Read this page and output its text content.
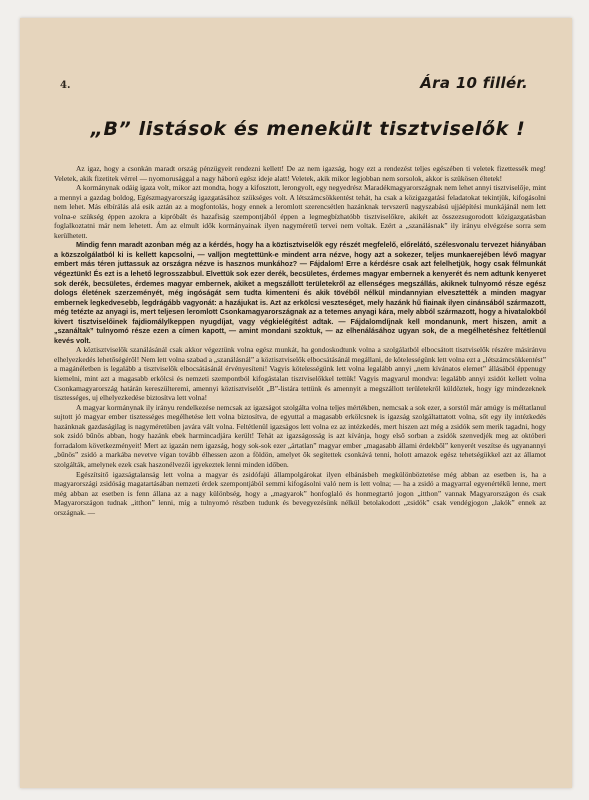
4.	Ára 10 fillér.
„B” listások és menekült tisztviselők !

Az igaz, hogy a csonkán maradt ország pénzügyeit rendezni kellett! De az nem igazság, hogy ezt a rendezést teljes egészében ti veletek fizettessék meg! Veletek, akik fizetitek vérrel — nyomorusággal a nagy háború egész ideje alatt! Veletek, akik mikor legjobban nem sorsolok, akkor is szükösen éltetek!

A kormánynak odáig igaza volt, mikor azt mondta, hogy a kifosztott, lerongyolt, egy negyedrész Maradékmagyarországnak nem lehet annyi tisztviselője, mint a mennyi a gazdag boldog, Egészmagyarország igazgatásához szükséges volt. A létszámcsökkentést tehát, ha csak a közigazgatási feladatokat tekintjük, kifogásolni nem lehet. Más elbírálás alá esik aztán az a mogfontolás, hogy ennek a leromlott szerencsétlen hazánknak tervszerű nagyszabású ujjáépítési munkájánál nem lett volna-e szükség éppen azokra a kipróbált és hazafiság szempontjából éppen a legmegbízhatóbb tisztviselőkre, akikét az összezsugorodott közigazgatásban foglalkoztatni már nem lehetett. Ám az elmult idők kormányainak ilyen nagyméretű tervei nem voltak. Ezért a „szanálásnak” ily irányu elvégzése sorra sem kerülhetett.

Mindig fenn maradt azonban még az a kérdés, hogy ha a köztisztviselők egy részét megfelelő, előrelátó, szélesvonalu tervezet hiányában a közszolgálatból ki is kellett kapcsolni, — valljon megtettünk-e mindent arra nézve, hogy azt a sokezer, teljes munkaerejében lévő magyar embert más téren juttassuk az országra nézve is hasznos munkához? — Fájdalom! Erre a kérdésre csak azt felelhetjük, hogy csak félmunkát végeztünk! És ezt is a lehető legrosszabbul. Elvettük sok ezer derék, becsületes, érdemes magyar embernek a kenyerét és nem adtunk kenyeret sok derék, becsületes, érdemes magyar embernek, akiket a megszállott területekről az ellenséges megszállás, akiknek tulnyomó része egész dologs életének szerzeményét, még ingóságát sem tudta kimenteni és akik tövéből nélkül mindannyian elvesztették a minden magyar embernek legkedvesebb, legdrágább vagyonát: a hazájukat is. Azt az erkölcsi veszteséget, mely hazánk hű fiainak ilyen cinánsából származott, még tetézte az anyagi is, mert teljesen leromlott Csonkamagyarországnak az a tetemes anyagi kára, mely abból származott, hogy a hivatalokból kivert tisztviselőinek fajdiomálylkeppen nyugdíjat, vagy végkielégítést adtak. — Fájdalomdíjnak kell mondanunk, mert hiszen, amit a „szanáltak” tulnyomó része ezen a címen kapott, — amint mondani szoktuk, — az elhenálásához ugyan sok, de a megélhetéshez feltétlenül kevés volt.

A köztisztviselők szanálásánál csak akkor végeztünk volna egész munkát, ha gondoskodtunk volna a szolgálatból elbocsátott tisztviselők részére másiránvu elhelyezkedés lehetőségéről! Nem lett volna szabad a „szanálásnál” a köztisztviselők elbocsátásánál megállani, de kötelességünk lett volna ezt a „létszámcsökkentést” a magánéletben is legalább a tisztviselők elbocsátásánál érvényesíteni! Vagyis kötelességünk lett volna legalább annyi „nem kívánatos elemet” állásából éppenugy kiemelni, mint azt a magasabb erkölcsi és nemzeti szempontból kifogástalan tisztviselőkkel tettük! Vagyis magyarul mondva: legalább annyi zsidót kellett volna Csonkamagyarország határán kereszülteremi, amennyi köztisztviselőt „B”-listára tettünk és amennyit a megszállott területekről küldöztek, hogy így mindezeknek tisztességes, uj elhelyezkedése biztosítva lett volna!

A magyar kormánynak ily irányu rendelkezése nemcsak az igazságot szolgálta volna teljes mértékben, nemcsak a sok ezer, a sorstól már amúgy is méltatlanul sujtott jó magyar ember tisztességes megélhetése lett volna biztosítva, de egyuttal a magasabb erkölcsnek is igazság szolgáltattatott volna, sőt egy ily intézkedés hazánknak gazdaságilag is nagyméretüben javára vált volna. Feltétlenül igazságos lett volna ez az intézkedés, mert hiszen azt még a zsidók sem merik tagadni, hogy sok zsidó bűnös abban, hogy hazánk ebek harmincadjára került! Tehát az igazságosság is azt kívánja, hogy első sorban a zsidók szenvedjék meg az októberi forradalom következményeit! Mert az igazán nem igazság, hogy sok-sok ezer „ártatlan” magyar ember „magasabb állami érdekből” kenyerét veszítse és ugyanannyi „bűnös” zsidó a markába nevetve vígan tovább élhessen azon a földön, amelyet ők segítettek csonkává tenni, holott amazok egész tehetségükkel azt az államot szolgálták, amelynek ezek csak haszonélvezői igyekeztek lenni minden időben.

Egészítsitő igazságtalanság lett volna a magyar és zsidófajú állampolgárokat ilyen elbánásbeh megkülönböztetése még abban az esetben is, ha a magyarországi zsidóság magatartásában nemzeti érdek szempontjából semmi kifogásolni való nem is lett volna; — ha a zsidó a magyarral egyenértékű lenne, mert még abban az esetben is fenn állana az a nagy különbség, hogy a „magyarok” honfoglaló és honmegtartó jogon „itthon” vannak Magyarországon és csak Magyarországon tudnak „itthon” lenni, míg a tulnyomó részben tudunk és bevegyezésünk nélkül betolakodott „zsidók” csak vendégjogon „lakók” ennek az országnak. —
